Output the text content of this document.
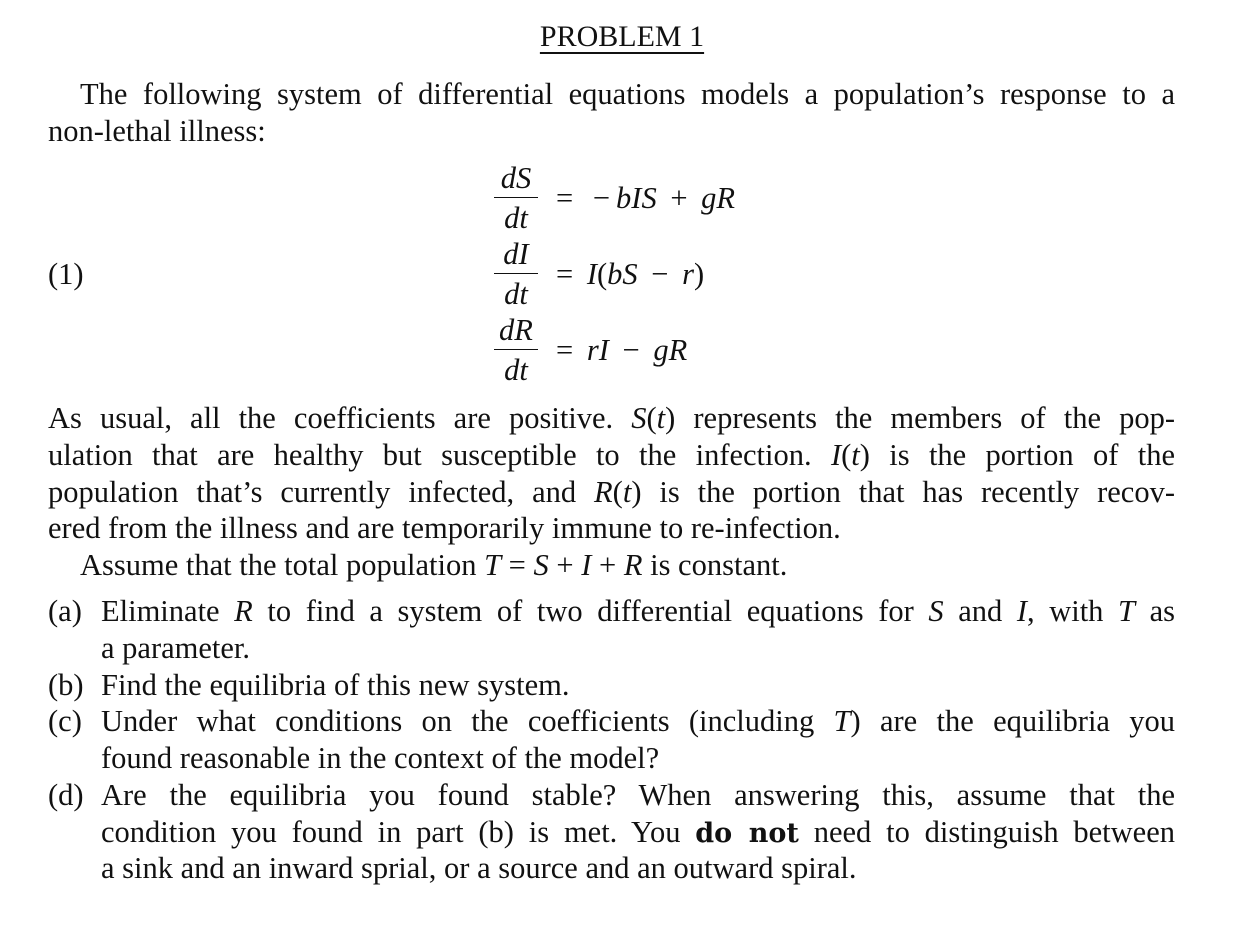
PROBLEM 1
The following system of differential equations models a population’s response to a
non-lethal illness:
(1)
$\frac{dS}{dt}$ = − bIS + gR
$\frac{dI}{dt} = I(bS - r)$
$\frac{dR}{dt}$ = rI − gR
As usual, all the coefficients are positive. S(t) represents the members of the pop-
ulation that are healthy but susceptible to the infection. I(t) is the portion of the
population that’s currently infected, and R(t) is the portion that has recently recov-
ered from the illness and are temporarily immune to re-infection.
Assume that the total population T = S + I + R is constant.
(a) Eliminate R to find a system of two differential equations for S and I, with T as
a parameter.
(b) Find the equilibria of this new system.
(c) Under what conditions on the coefficients (including T) are the equilibria you
found reasonable in the context of the model?
(d) Are the equilibria you found stable? When answering this, assume that the
condition you found in part (b) is met. You do not need to distinguish between
a sink and an inward sprial, or a source and an outward spiral.
